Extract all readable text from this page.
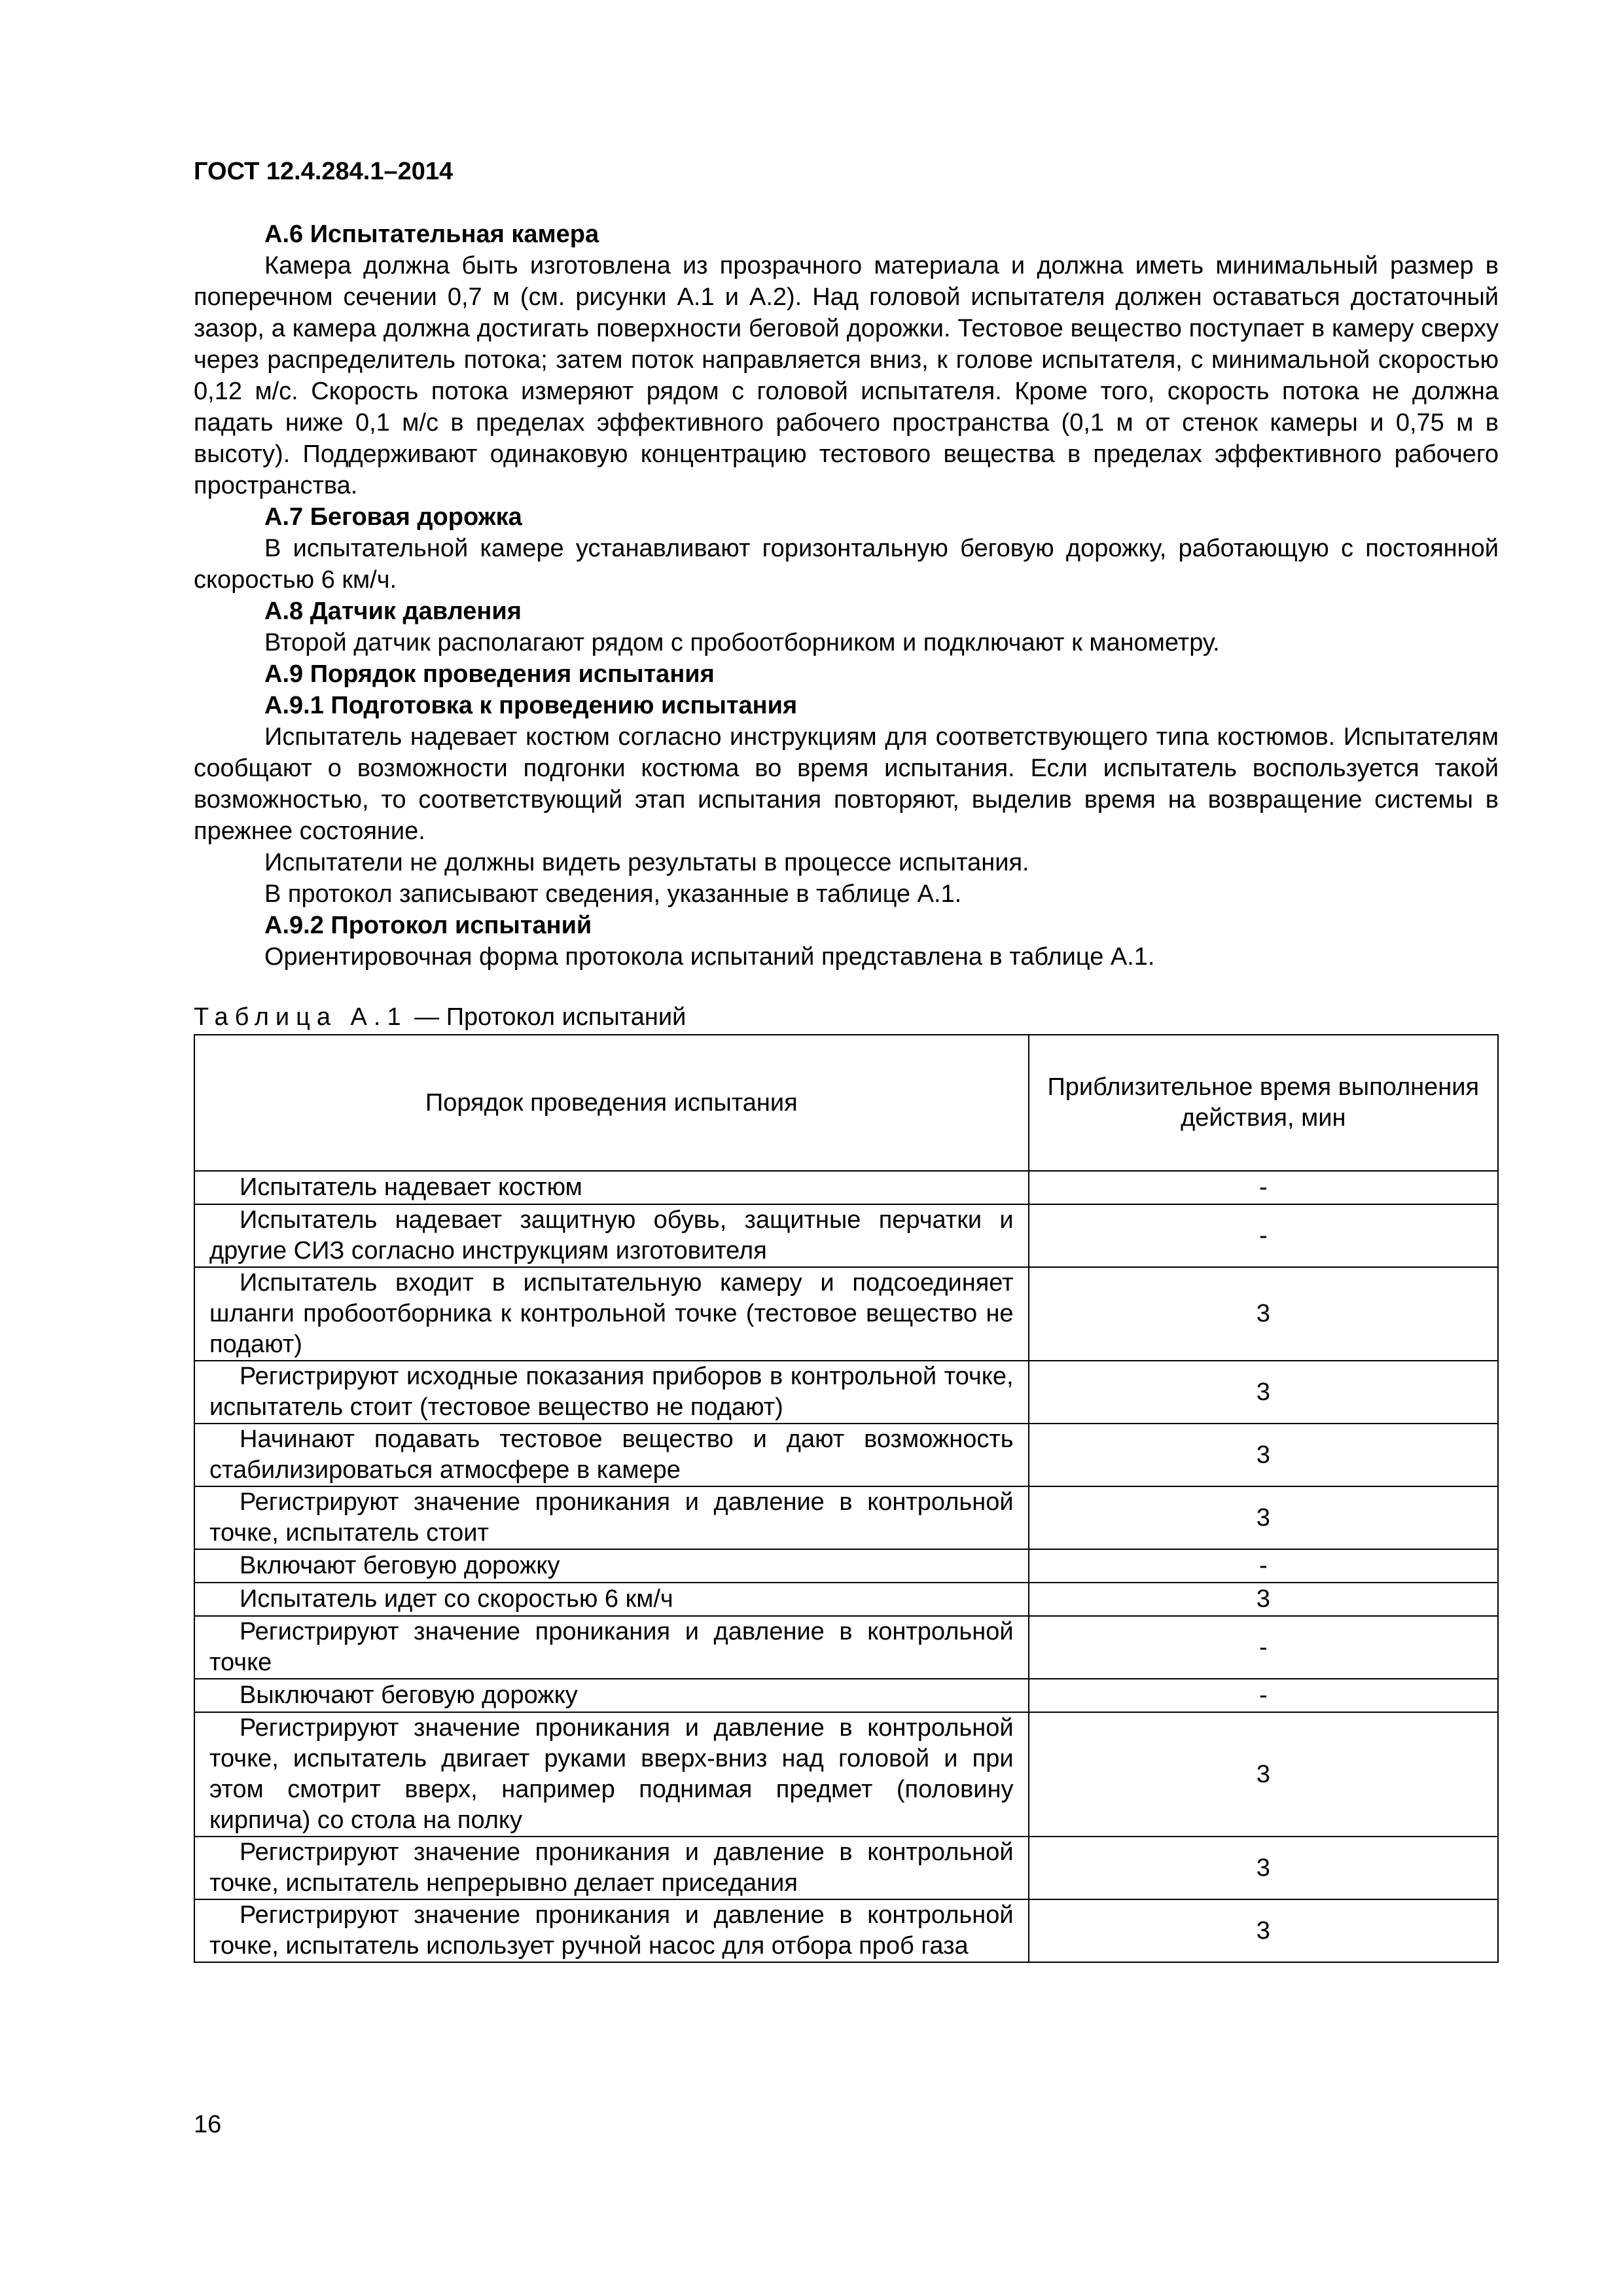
ГОСТ 12.4.284.1–2014

А.6 Испытательная камера

Камера должна быть изготовлена из прозрачного материала и должна иметь минимальный размер в поперечном сечении 0,7 м (см. рисунки А.1 и А.2). Над головой испытателя должен оставаться достаточный зазор, а камера должна достигать поверхности беговой дорожки. Тестовое вещество поступает в камеру сверху через распределитель потока; затем поток направляется вниз, к голове испытателя, с минимальной скоростью 0,12 м/с. Скорость потока измеряют рядом с головой испытателя. Кроме того, скорость потока не должна падать ниже 0,1 м/с в пределах эффективного рабочего пространства (0,1 м от стенок камеры и 0,75 м в высоту). Поддерживают одинаковую концентрацию тестового вещества в пределах эффективного рабочего пространства.

А.7 Беговая дорожка

В испытательной камере устанавливают горизонтальную беговую дорожку, работающую с постоянной скоростью 6 км/ч.

А.8 Датчик давления

Второй датчик располагают рядом с пробоотборником и подключают к манометру.

А.9 Порядок проведения испытания

А.9.1 Подготовка к проведению испытания

Испытатель надевает костюм согласно инструкциям для соответствующего типа костюмов. Испытателям сообщают о возможности подгонки костюма во время испытания. Если испытатель воспользуется такой возможностью, то соответствующий этап испытания повторяют, выделив время на возвращение системы в прежнее состояние.

Испытатели не должны видеть результаты в процессе испытания.

В протокол записывают сведения, указанные в таблице А.1.

А.9.2 Протокол испытаний

Ориентировочная форма протокола испытаний представлена в таблице А.1.

Таблица А.1 — Протокол испытаний
Порядок проведения испытания	Приблизительное время выполнения действия, мин
Испытатель надевает костюм	-
Испытатель надевает защитную обувь, защитные перчатки и другие СИЗ согласно инструкциям изготовителя	-
Испытатель входит в испытательную камеру и подсоединяет шланги пробоотборника к контрольной точке (тестовое вещество не подают)	3
Регистрируют исходные показания приборов в контрольной точке, испытатель стоит (тестовое вещество не подают)	3
Начинают подавать тестовое вещество и дают возможность стабилизироваться атмосфере в камере	3
Регистрируют значение проникания и давление в контрольной точке, испытатель стоит	3
Включают беговую дорожку	-
Испытатель идет со скоростью 6 км/ч	3
Регистрируют значение проникания и давление в контрольной точке	-
Выключают беговую дорожку	-
Регистрируют значение проникания и давление в контрольной точке, испытатель двигает руками вверх-вниз над головой и при этом смотрит вверх, например поднимая предмет (половину кирпича) со стола на полку	3
Регистрируют значение проникания и давление в контрольной точке, испытатель непрерывно делает приседания	3
Регистрируют значение проникания и давление в контрольной точке, испытатель использует ручной насос для отбора проб газа	3
16
